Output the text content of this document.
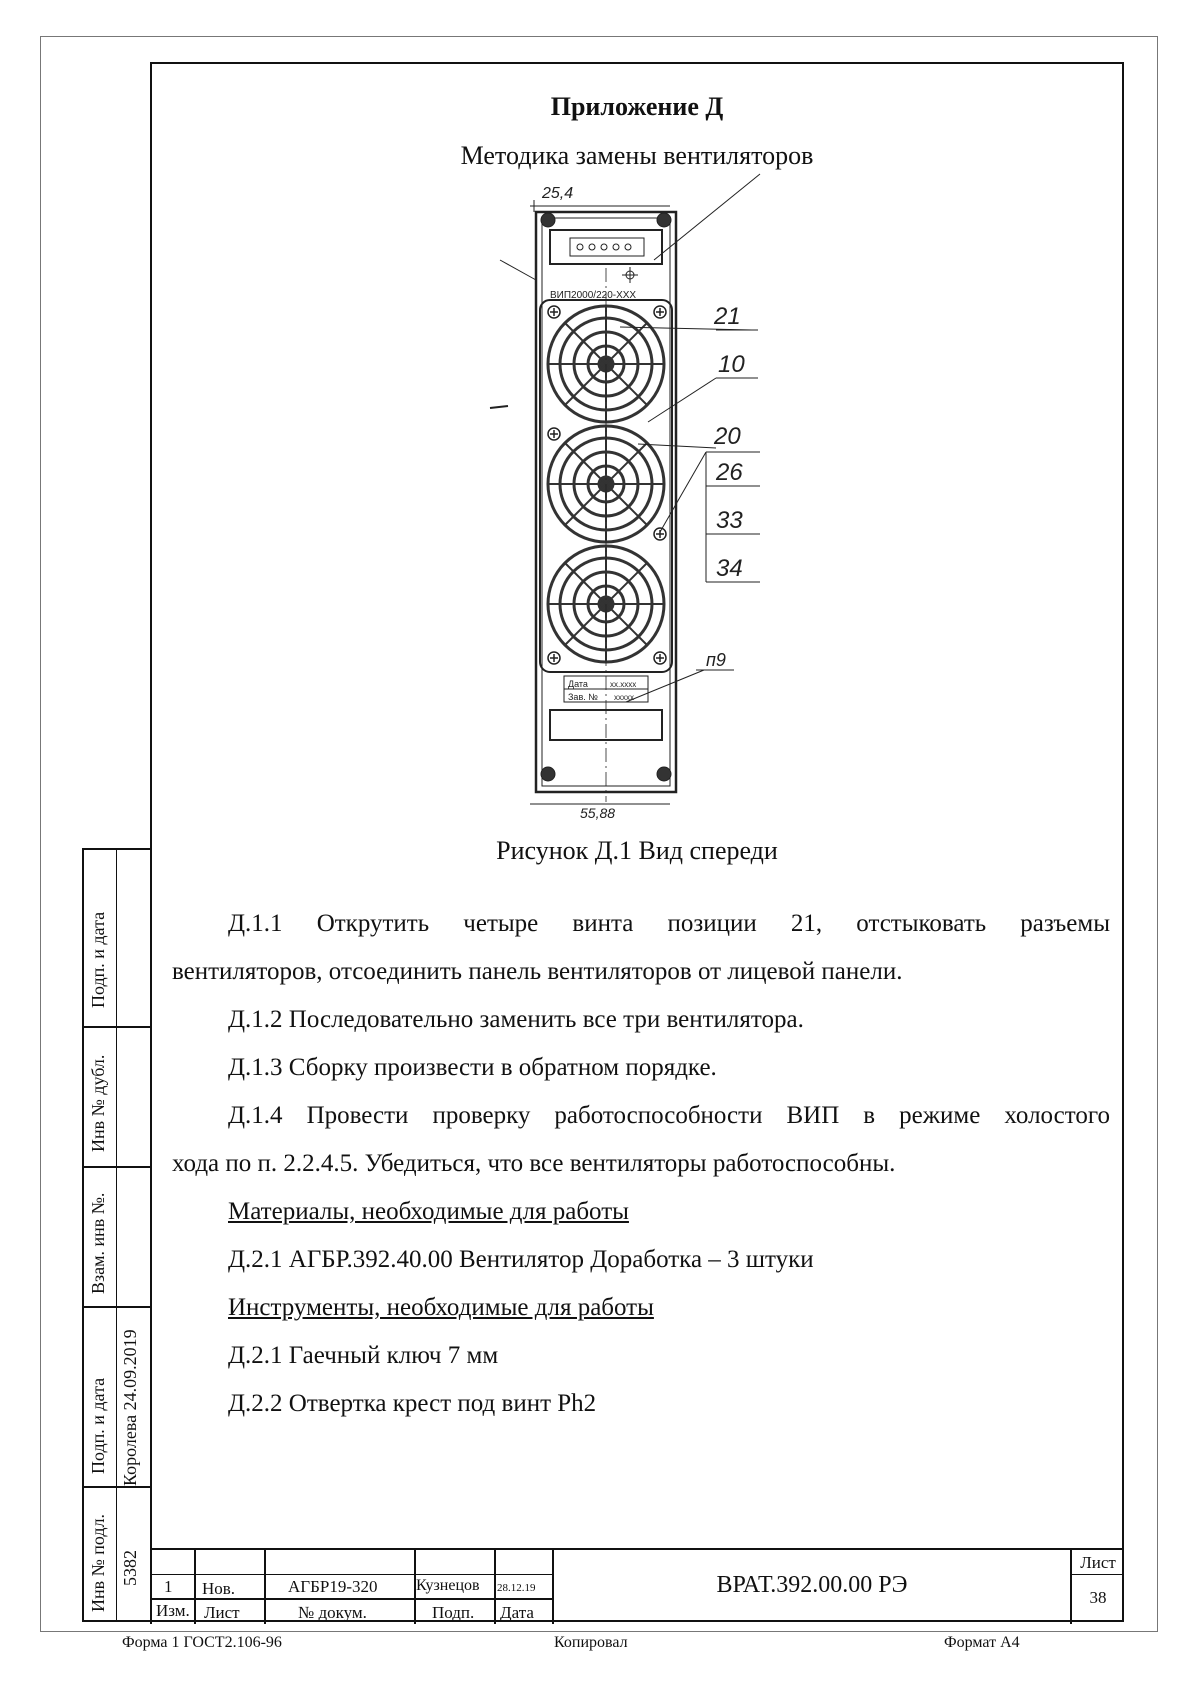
Приложение Д
Методика замены вентиляторов
25,4
ВИП2000/220-XXX
Дата	xx.xxxx
Зав. № xxxxx
21
10
20
26
33
34
п9
55,88
Рисунок Д.1 Вид спереди

Д.1.1 Открутить четыре винта позиции 21, отстыковать разъемы

вентиляторов, отсоединить панель вентиляторов от лицевой панели.

Д.1.2 Последовательно заменить все три вентилятора.

Д.1.3 Сборку произвести в обратном порядке.

Д.1.4 Провести проверку работоспособности ВИП в режиме холостого

хода по п. 2.2.4.5. Убедиться, что все вентиляторы работоспособны.

Материалы, необходимые для работы

Д.2.1 АГБР.392.40.00 Вентилятор Доработка – 3 штуки

Инструменты, необходимые для работы

Д.2.1 Гаечный ключ 7 мм

Д.2.2 Отвертка крест под винт Ph2

Подп. и дата
Инв № дубл.
Взам. инв №.
Подп. и дата Королева 24.09.2019
Инв № подл. 5382
1 Нов.	АГБР19-320 Кузнецов 28.12.19
Изм. Лист	№ докум.	Подп. Дата
ВРАТ.392.00.00 РЭ
Лист
38
Форма 1 ГОСТ2.106-96	Копировал	Формат А4
